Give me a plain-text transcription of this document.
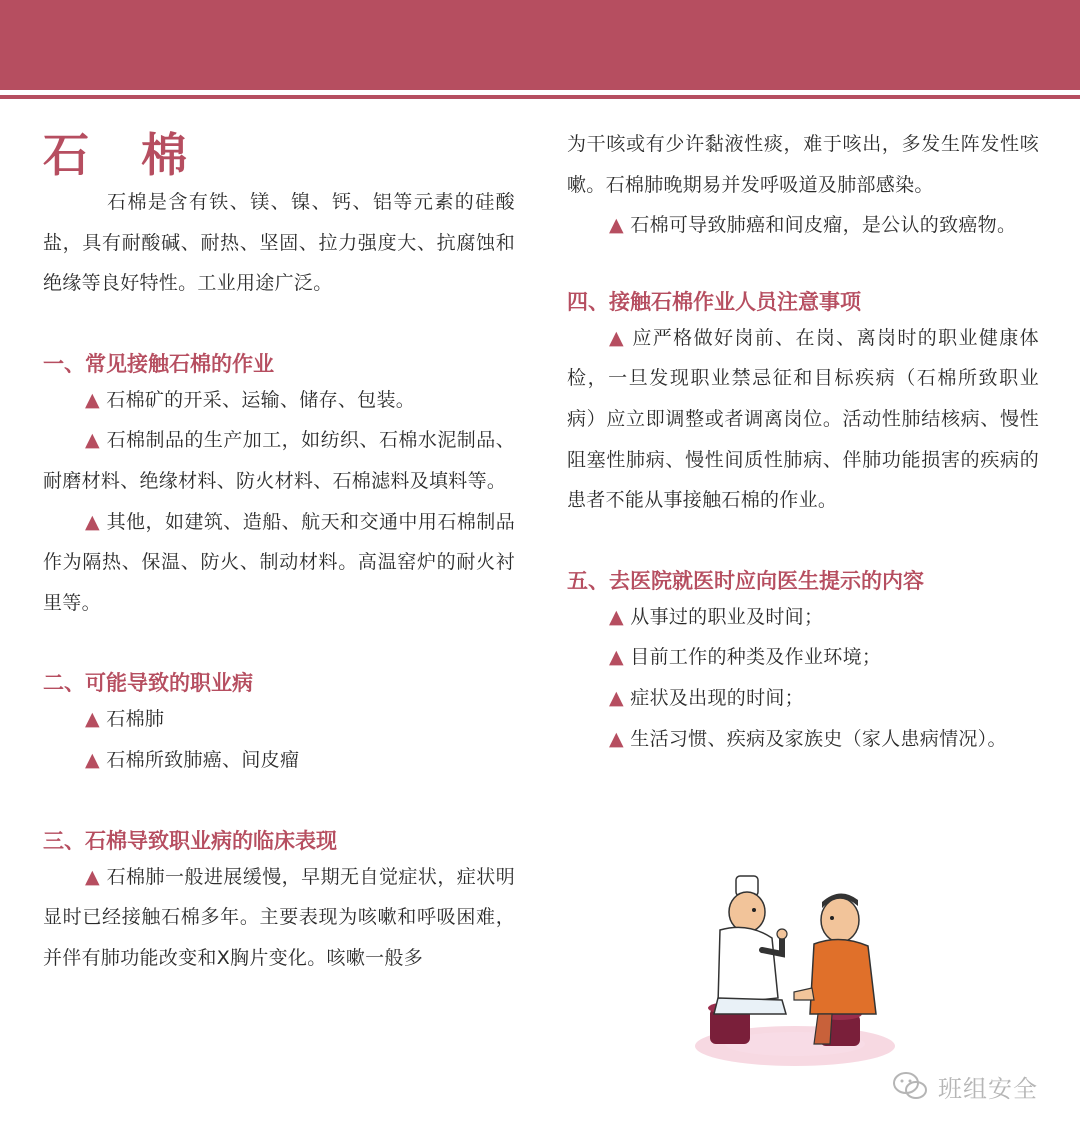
石 棉

石棉是含有铁、镁、镍、钙、铝等元素的硅酸盐，具有耐酸碱、耐热、坚固、拉力强度大、抗腐蚀和绝缘等良好特性。工业用途广泛。

一、常见接触石棉的作业

▲ 石棉矿的开采、运输、储存、包装。

▲ 石棉制品的生产加工，如纺织、石棉水泥制品、耐磨材料、绝缘材料、防火材料、石棉滤料及填料等。

▲ 其他，如建筑、造船、航天和交通中用石棉制品作为隔热、保温、防火、制动材料。高温窑炉的耐火衬里等。

二、可能导致的职业病

▲ 石棉肺

▲ 石棉所致肺癌、间皮瘤

三、石棉导致职业病的临床表现

▲ 石棉肺一般进展缓慢，早期无自觉症状，症状明显时已经接触石棉多年。主要表现为咳嗽和呼吸困难，并伴有肺功能改变和X胸片变化。咳嗽一般多

为干咳或有少许黏液性痰，难于咳出，多发生阵发性咳嗽。石棉肺晚期易并发呼吸道及肺部感染。

▲ 石棉可导致肺癌和间皮瘤，是公认的致癌物。

四、接触石棉作业人员注意事项

▲ 应严格做好岗前、在岗、离岗时的职业健康体检，一旦发现职业禁忌征和目标疾病（石棉所致职业病）应立即调整或者调离岗位。活动性肺结核病、慢性阻塞性肺病、慢性间质性肺病、伴肺功能损害的疾病的患者不能从事接触石棉的作业。

五、去医院就医时应向医生提示的内容

▲ 从事过的职业及时间；

▲ 目前工作的种类及作业环境；

▲ 症状及出现的时间；

▲ 生活习惯、疾病及家族史（家人患病情况）。

班组安全
